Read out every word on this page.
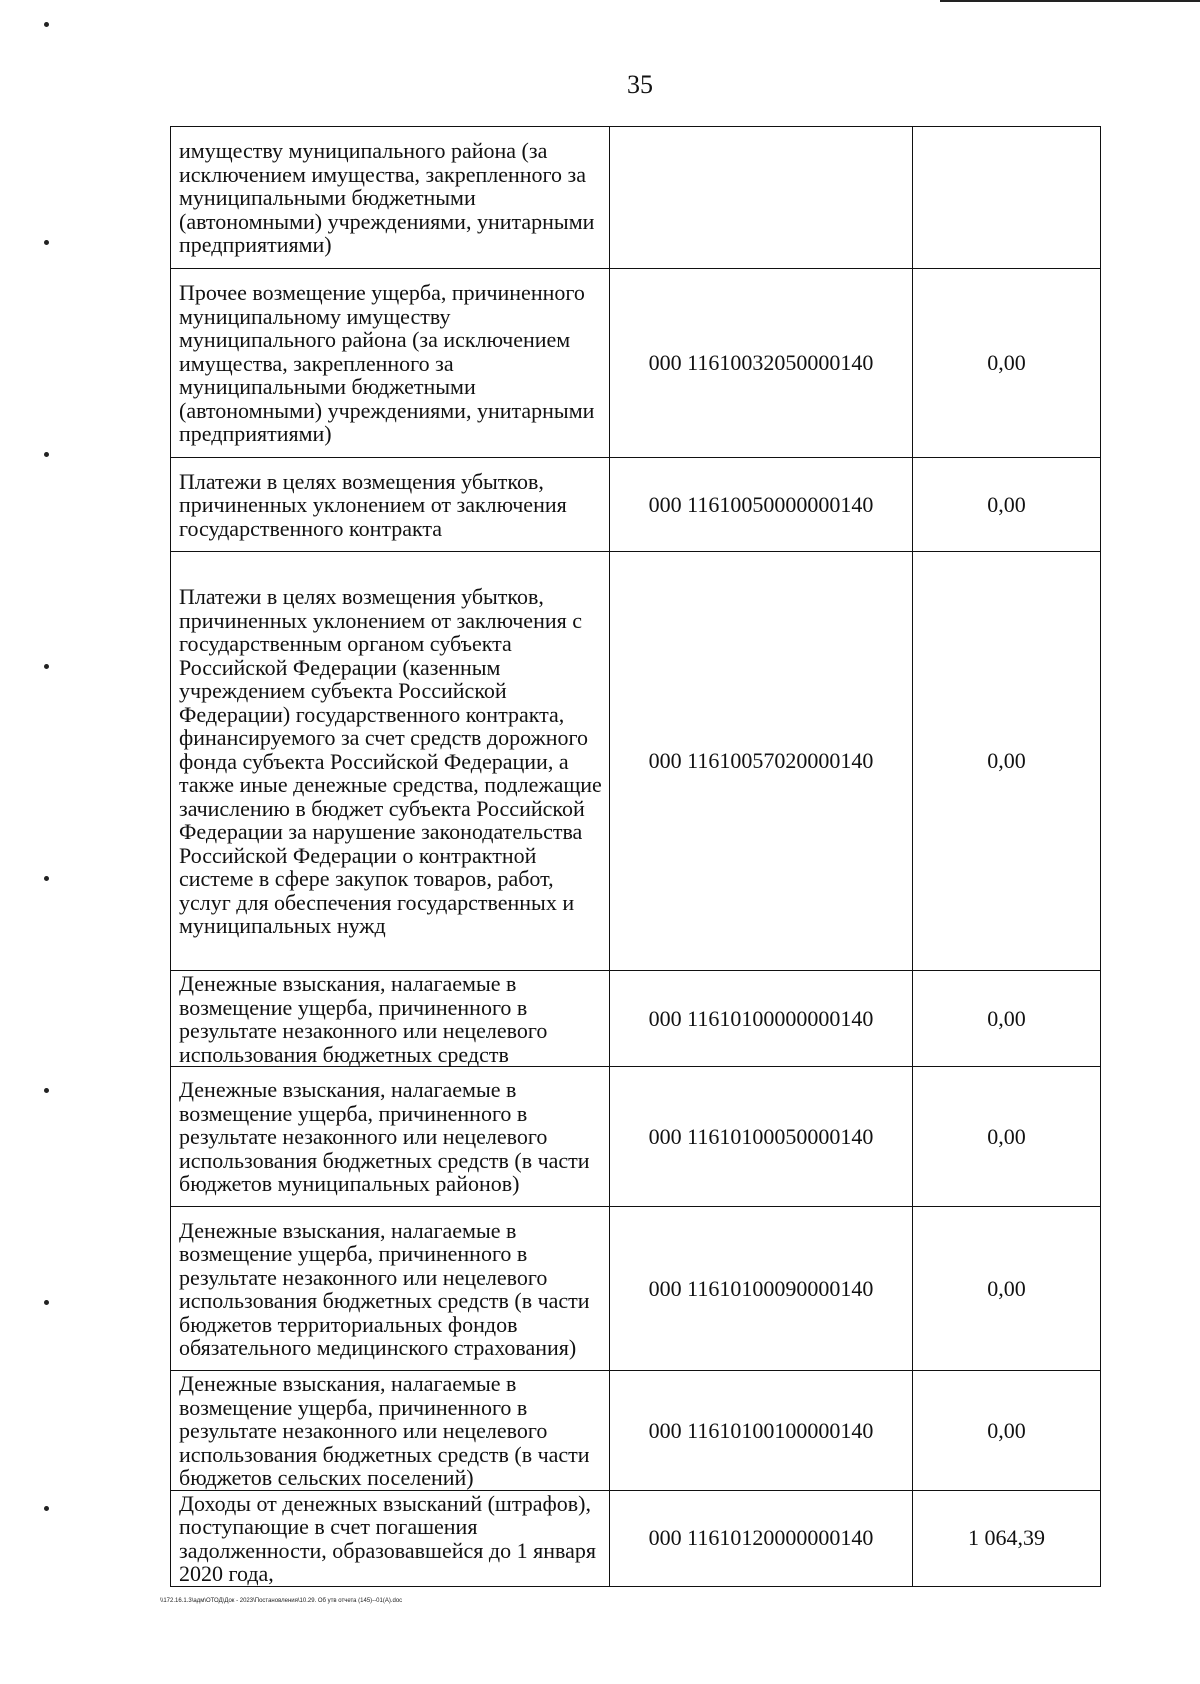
35
имуществу муниципального района (за исключением имущества, закрепленного за муниципальными бюджетными (автономными) учреждениями, унитарными предприятиями)		
Прочее возмещение ущерба, причиненного муниципальному имуществу муниципального района (за исключением имущества, закрепленного за муниципальными бюджетными (автономными) учреждениями, унитарными предприятиями)	000 11610032050000140	0,00
Платежи в целях возмещения убытков, причиненных уклонением от заключения государственного контракта	000 11610050000000140	0,00
Платежи в целях возмещения убытков, причиненных уклонением от заключения с государственным органом субъекта Российской Федерации (казенным учреждением субъекта Российской Федерации) государственного контракта, финансируемого за счет средств дорожного фонда субъекта Российской Федерации, а также иные денежные средства, подлежащие зачислению в бюджет субъекта Российской Федерации за нарушение законодательства Российской Федерации о контрактной системе в сфере закупок товаров, работ, услуг для обеспечения государственных и муниципальных нужд	000 11610057020000140	0,00
Денежные взыскания, налагаемые в возмещение ущерба, причиненного в результате незаконного или нецелевого использования бюджетных средств	000 11610100000000140	0,00
Денежные взыскания, налагаемые в возмещение ущерба, причиненного в результате незаконного или нецелевого использования бюджетных средств (в части бюджетов муниципальных районов)	000 11610100050000140	0,00
Денежные взыскания, налагаемые в возмещение ущерба, причиненного в результате незаконного или нецелевого использования бюджетных средств (в части бюджетов территориальных фондов обязательного медицинского страхования)	000 11610100090000140	0,00
Денежные взыскания, налагаемые в возмещение ущерба, причиненного в результате незаконного или нецелевого использования бюджетных средств (в части бюджетов сельских поселений)	000 11610100100000140	0,00
Доходы от денежных взысканий (штрафов), поступающие в счет погашения задолженности, образовавшейся до 1 января 2020 года,	000 11610120000000140	1 064,39
\\172.16.1.3\адм\ОТОД\Док - 2023\Постановления\10.29. Об утв отчета (145)--01(А).doc
